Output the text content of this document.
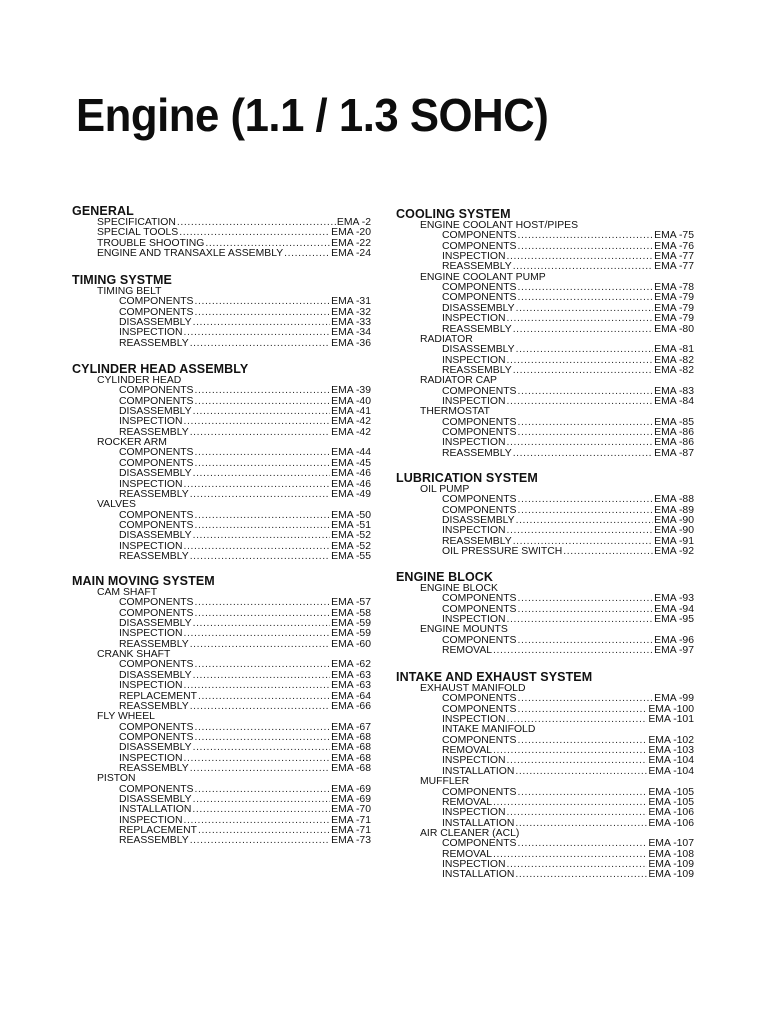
Engine (1.1 / 1.3 SOHC)
GENERAL
SPECIFICATION .....	EMA -2
SPECIAL TOOLS .....	EMA -20
TROUBLE SHOOTING .....	EMA -22
ENGINE AND TRANSAXLE ASSEMBLY .....	EMA -24
TIMING SYSTME
TIMING BELT
COMPONENTS .....	EMA -31
COMPONENTS .....	EMA -32
DISASSEMBLY .....	EMA -33
INSPECTION .....	EMA -34
REASSEMBLY .....	EMA -36
CYLINDER HEAD ASSEMBLY
CYLINDER HEAD
COMPONENTS .....	EMA -39
COMPONENTS .....	EMA -40
DISASSEMBLY .....	EMA -41
INSPECTION .....	EMA -42
REASSEMBLY .....	EMA -42
ROCKER ARM
COMPONENTS .....	EMA -44
COMPONENTS .....	EMA -45
DISASSEMBLY .....	EMA -46
INSPECTION .....	EMA -46
REASSEMBLY .....	EMA -49
VALVES
COMPONENTS .....	EMA -50
COMPONENTS .....	EMA -51
DISASSEMBLY .....	EMA -52
INSPECTION .....	EMA -52
REASSEMBLY .....	EMA -55
MAIN MOVING SYSTEM
CAM SHAFT
COMPONENTS .....	EMA -57
COMPONENTS .....	EMA -58
DISASSEMBLY .....	EMA -59
INSPECTION .....	EMA -59
REASSEMBLY .....	EMA -60
CRANK SHAFT
COMPONENTS .....	EMA -62
DISASSEMBLY .....	EMA -63
INSPECTION .....	EMA -63
REPLACEMENT .....	EMA -64
REASSEMBLY .....	EMA -66
FLY WHEEL
COMPONENTS .....	EMA -67
COMPONENTS .....	EMA -68
DISASSEMBLY .....	EMA -68
INSPECTION .....	EMA -68
REASSEMBLY .....	EMA -68
PISTON
COMPONENTS .....	EMA -69
DISASSEMBLY .....	EMA -69
INSTALLATION .....	EMA -70
INSPECTION .....	EMA -71
REPLACEMENT .....	EMA -71
REASSEMBLY .....	EMA -73
COOLING SYSTEM
ENGINE COOLANT HOST/PIPES
COMPONENTS .....	EMA -75
COMPONENTS .....	EMA -76
INSPECTION .....	EMA -77
REASSEMBLY .....	EMA -77
ENGINE COOLANT PUMP
COMPONENTS .....	EMA -78
COMPONENTS .....	EMA -79
DISASSEMBLY .....	EMA -79
INSPECTION .....	EMA -79
REASSEMBLY .....	EMA -80
RADIATOR
DISASSEMBLY .....	EMA -81
INSPECTION .....	EMA -82
REASSEMBLY .....	EMA -82
RADIATOR CAP
COMPONENTS .....	EMA -83
INSPECTION .....	EMA -84
THERMOSTAT
COMPONENTS .....	EMA -85
COMPONENTS .....	EMA -86
INSPECTION .....	EMA -86
REASSEMBLY .....	EMA -87
LUBRICATION SYSTEM
OIL PUMP
COMPONENTS .....	EMA -88
COMPONENTS .....	EMA -89
DISASSEMBLY .....	EMA -90
INSPECTION .....	EMA -90
REASSEMBLY .....	EMA -91
OIL PRESSURE SWITCH .....	EMA -92
ENGINE BLOCK
ENGINE BLOCK
COMPONENTS .....	EMA -93
COMPONENTS .....	EMA -94
INSPECTION .....	EMA -95
ENGINE MOUNTS
COMPONENTS .....	EMA -96
REMOVAL .....	EMA -97
INTAKE AND EXHAUST SYSTEM
EXHAUST MANIFOLD
COMPONENTS .....	EMA -99
COMPONENTS .....	EMA -100
INSPECTION .....	EMA -101
INTAKE MANIFOLD
COMPONENTS .....	EMA -102
REMOVAL .....	EMA -103
INSPECTION .....	EMA -104
INSTALLATION .....	EMA -104
MUFFLER
COMPONENTS .....	EMA -105
REMOVAL .....	EMA -105
INSPECTION .....	EMA -106
INSTALLATION .....	EMA -106
AIR CLEANER (ACL)
COMPONENTS .....	EMA -107
REMOVAL .....	EMA -108
INSPECTION .....	EMA -109
INSTALLATION .....	EMA -109
